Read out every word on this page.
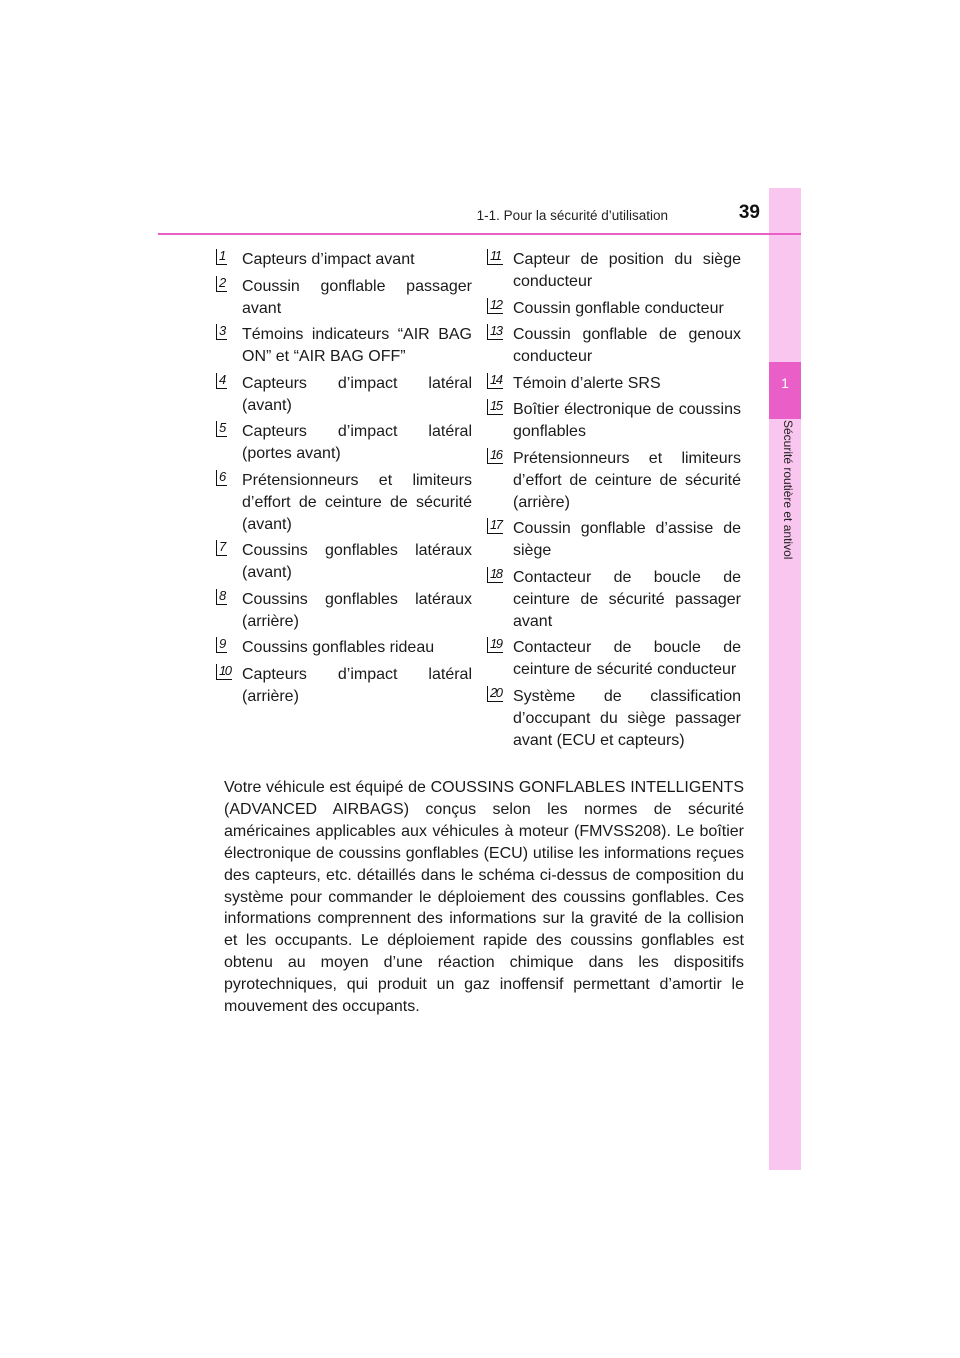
1
Sécurité routière et antivol
1-1. Pour la sécurité d’utilisation	39
1 Capteurs d’impact avant
2 Coussin gonflable passager avant
3 Témoins indicateurs “AIR BAG ON” et “AIR BAG OFF”
4 Capteurs d’impact latéral (avant)
5 Capteurs d’impact latéral (portes avant)
6 Prétensionneurs et limiteurs d’effort de ceinture de sécurité (avant)
7 Coussins gonflables latéraux (avant)
8 Coussins gonflables latéraux (arrière)
9 Coussins gonflables rideau
10 Capteurs d’impact latéral (arrière)
11 Capteur de position du siège conducteur
12 Coussin gonflable conducteur
13 Coussin gonflable de genoux conducteur
14 Témoin d’alerte SRS
15 Boîtier électronique de coussins gonflables
16 Prétensionneurs et limiteurs d’effort de ceinture de sécurité (arrière)
17 Coussin gonflable d’assise de siège
18 Contacteur de boucle de ceinture de sécurité passager avant
19 Contacteur de boucle de ceinture de sécurité conducteur
20 Système de classification d’occupant du siège passager avant (ECU et capteurs)
Votre véhicule est équipé de COUSSINS GONFLABLES INTELLIGENTS (ADVANCED AIRBAGS) conçus selon les normes de sécurité américaines applicables aux véhicules à moteur (FMVSS208). Le boîtier électronique de coussins gonflables (ECU) utilise les informations reçues des capteurs, etc. détaillés dans le schéma ci-dessus de composition du système pour commander le déploiement des coussins gonflables. Ces informations comprennent des informations sur la gravité de la collision et les occupants. Le déploiement rapide des coussins gonflables est obtenu au moyen d’une réaction chimique dans les dispositifs pyrotechniques, qui produit un gaz inoffensif permettant d’amortir le mouvement des occupants.
